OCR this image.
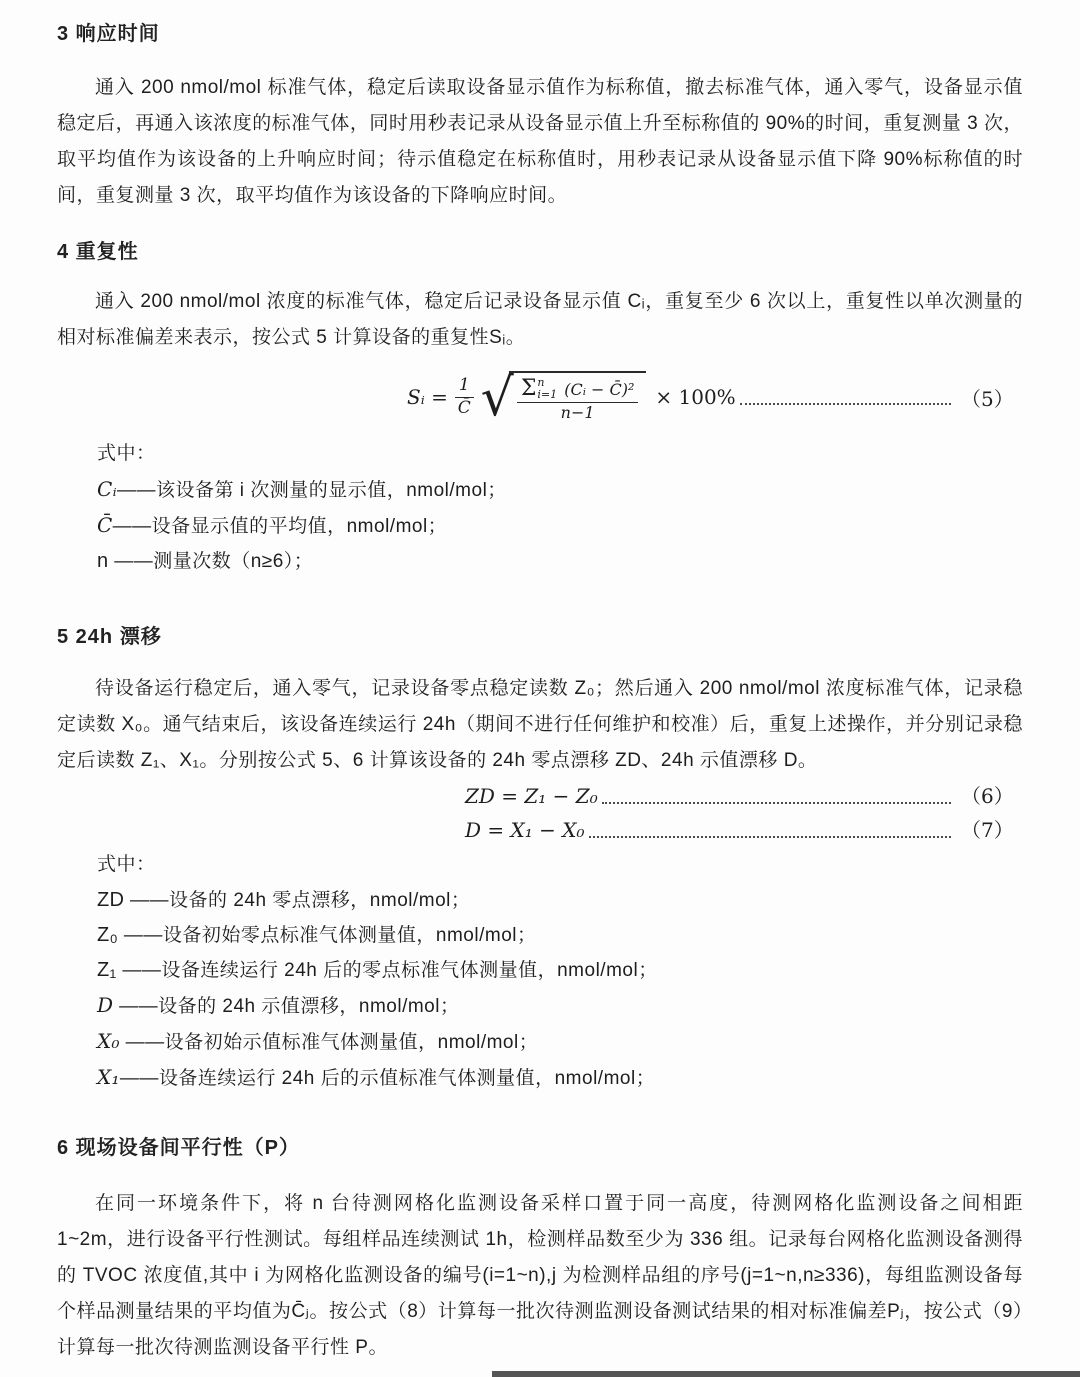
3 响应时间

通入 200 nmol/mol 标准气体，稳定后读取设备显示值作为标称值，撤去标准气体，通入零气，设备显示值稳定后，再通入该浓度的标准气体，同时用秒表记录从设备显示值上升至标称值的 90%的时间，重复测量 3 次，取平均值作为该设备的上升响应时间；待示值稳定在标称值时，用秒表记录从设备显示值下降 90%标称值的时间，重复测量 3 次，取平均值作为该设备的下降响应时间。

4 重复性

通入 200 nmol/mol 浓度的标准气体，稳定后记录设备显示值 Cᵢ，重复至少 6 次以上，重复性以单次测量的相对标准偏差来表示，按公式 5 计算设备的重复性Sᵢ。

Sᵢ = $\frac{1}{C̄}$ √ Σ n
i=1 (Cᵢ − C̄)²
n−1
× 100%	（5）
式中：
Cᵢ——该设备第 i 次测量的显示值，nmol/mol；
C̄——设备显示值的平均值，nmol/mol；
n ——测量次数（n≥6）；
5 24h 漂移

待设备运行稳定后，通入零气，记录设备零点稳定读数 Z₀；然后通入 200 nmol/mol 浓度标准气体，记录稳定读数 X₀。通气结束后，该设备连续运行 24h（期间不进行任何维护和校准）后，重复上述操作，并分别记录稳定后读数 Z₁、X₁。分别按公式 5、6 计算该设备的 24h 零点漂移 ZD、24h 示值漂移 D。

ZD = Z₁ − Z₀	（6）
D = X₁ − X₀	（7）
式中：
ZD ——设备的 24h 零点漂移，nmol/mol；
Z₀ ——设备初始零点标准气体测量值，nmol/mol；
Z₁ ——设备连续运行 24h 后的零点标准气体测量值，nmol/mol；
D ——设备的 24h 示值漂移，nmol/mol；
X₀ ——设备初始示值标准气体测量值，nmol/mol；
X₁——设备连续运行 24h 后的示值标准气体测量值，nmol/mol；
6 现场设备间平行性（P）

在同一环境条件下，将 n 台待测网格化监测设备采样口置于同一高度，待测网格化监测设备之间相距 1~2m，进行设备平行性测试。每组样品连续测试 1h，检测样品数至少为 336 组。记录每台网格化监测设备测得的 TVOC 浓度值,其中 i 为网格化监测设备的编号(i=1~n),j 为检测样品组的序号(j=1~n,n≥336)，每组监测设备每个样品测量结果的平均值为C̄ⱼ。按公式（8）计算每一批次待测监测设备测试结果的相对标准偏差Pⱼ，按公式（9）计算每一批次待测监测设备平行性 P。
